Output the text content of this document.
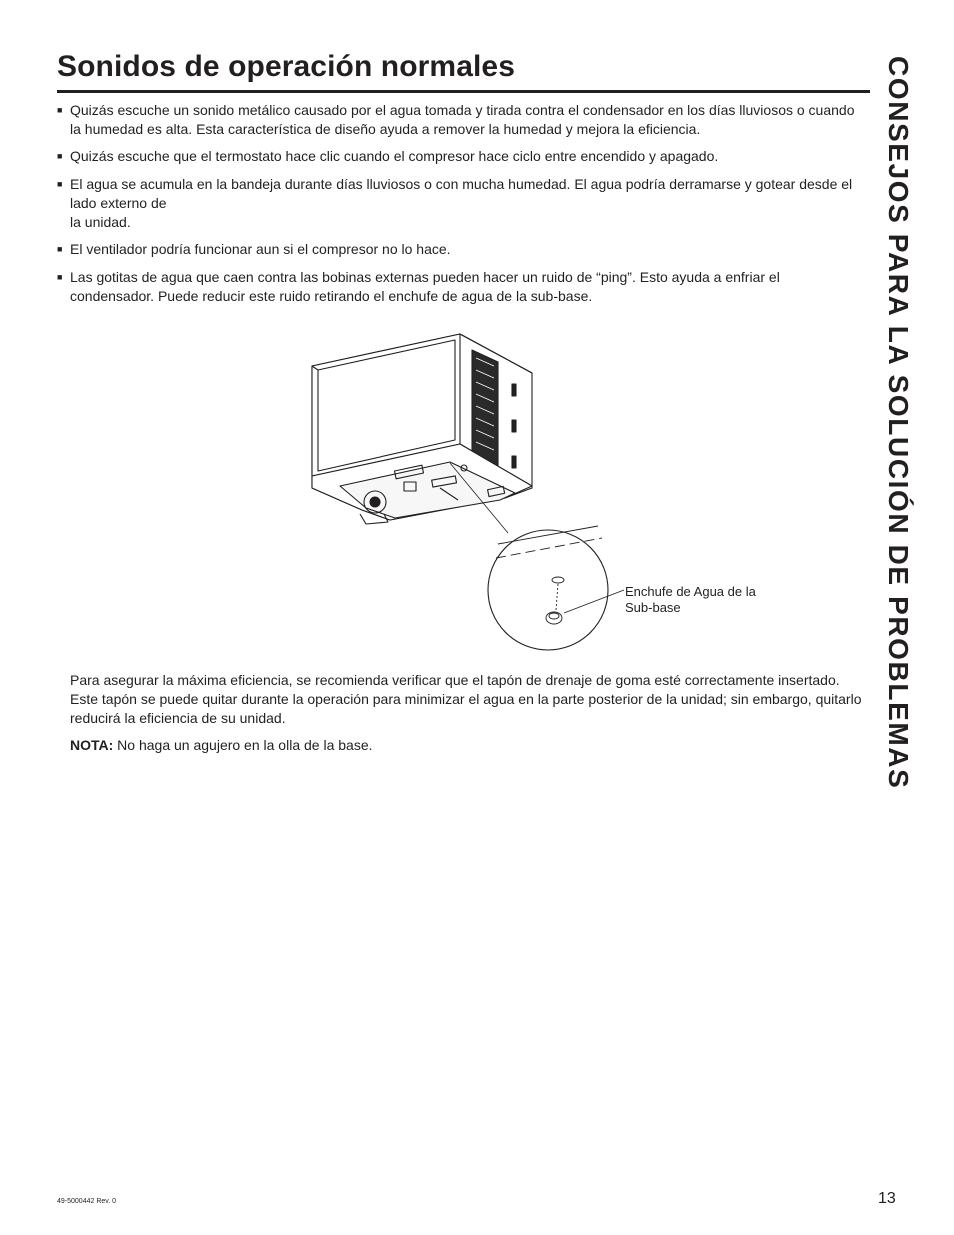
Sonidos de operación normales
■ Quizás escuche un sonido metálico causado por el agua tomada y tirada contra el condensador en los días lluviosos o cuando la humedad es alta. Esta característica de diseño ayuda a remover la humedad y mejora la eficiencia.
■ Quizás escuche que el termostato hace clic cuando el compresor hace ciclo entre encendido y apagado.
■ El agua se acumula en la bandeja durante días lluviosos o con mucha humedad. El agua podría derramarse y gotear desde el lado externo de
la unidad.
■ El ventilador podría funcionar aun si el compresor no lo hace.
■ Las gotitas de agua que caen contra las bobinas externas pueden hacer un ruido de “ping”. Esto ayuda a enfriar el condensador. Puede reducir este ruido retirando el enchufe de agua de la sub-base.
Enchufe de Agua de la Sub-base

Para asegurar la máxima eficiencia, se recomienda verificar que el tapón de drenaje de goma esté correctamente insertado. Este tapón se puede quitar durante la operación para minimizar el agua en la parte posterior de la unidad; sin embargo, quitarlo reducirá la eficiencia de su unidad.

NOTA: No haga un agujero en la olla de la base.	CONSEJOS PARA LA SOLUCIÓN DE PROBLEMAS
49-5000442 Rev. 0	13
